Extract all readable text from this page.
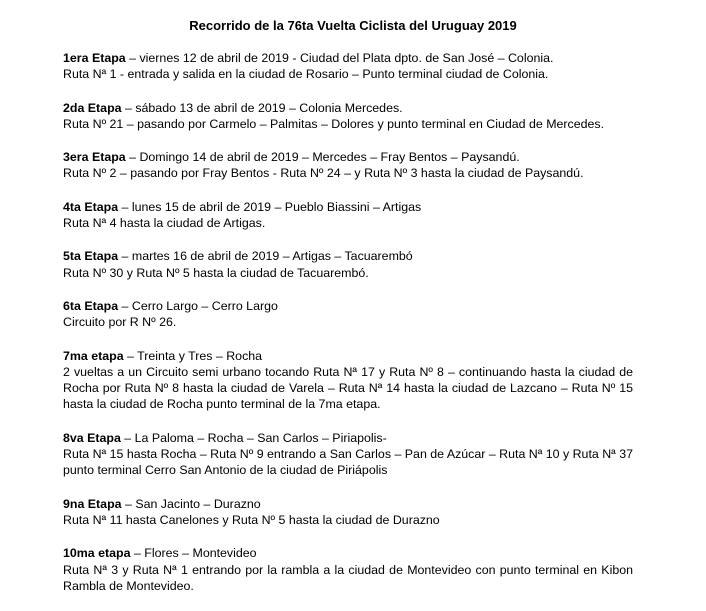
Recorrido de la 76ta Vuelta Ciclista del Uruguay 2019
1era Etapa – viernes 12 de abril de 2019 - Ciudad del Plata dpto. de San José – Colonia.
Ruta Nª 1 - entrada y salida en la ciudad de Rosario – Punto terminal ciudad de Colonia.
2da Etapa – sábado 13 de abril de 2019 – Colonia Mercedes.
Ruta Nº 21 – pasando por Carmelo – Palmitas – Dolores y punto terminal en Ciudad de Mercedes.
3era Etapa – Domingo 14 de abril de 2019 – Mercedes – Fray Bentos – Paysandú.
Ruta Nº 2 – pasando por Fray Bentos - Ruta Nº 24 – y Ruta Nº 3 hasta la ciudad de Paysandú.
4ta Etapa – lunes 15 de abril de 2019 – Pueblo Biassini – Artigas
Ruta Nª 4 hasta la ciudad de Artigas.
5ta Etapa – martes 16 de abril de 2019 – Artigas – Tacuarembó
Ruta Nº 30 y Ruta Nº 5 hasta la ciudad de Tacuarembó.
6ta Etapa – Cerro Largo – Cerro Largo
Circuito por R Nº 26.
7ma etapa – Treinta y Tres – Rocha
2 vueltas a un Circuito semi urbano tocando Ruta Nª 17 y Ruta Nº 8 – continuando hasta la ciudad de Rocha por Ruta Nº 8 hasta la ciudad de Varela – Ruta Nª 14 hasta la ciudad de Lazcano – Ruta Nº 15 hasta la ciudad de Rocha punto terminal de la 7ma etapa.
8va Etapa – La Paloma – Rocha – San Carlos – Piriapolis-
Ruta Nª 15 hasta Rocha – Ruta Nº 9 entrando a San Carlos – Pan de Azúcar – Ruta Nª 10 y Ruta Nª 37 punto terminal Cerro San Antonio de la ciudad de Piriápolis
9na Etapa – San Jacinto – Durazno
Ruta Nª 11 hasta Canelones y Ruta Nº 5 hasta la ciudad de Durazno
10ma etapa – Flores – Montevideo
Ruta Nª 3 y Ruta Nª 1 entrando por la rambla a la ciudad de Montevideo con punto terminal en Kibon Rambla de Montevideo.
